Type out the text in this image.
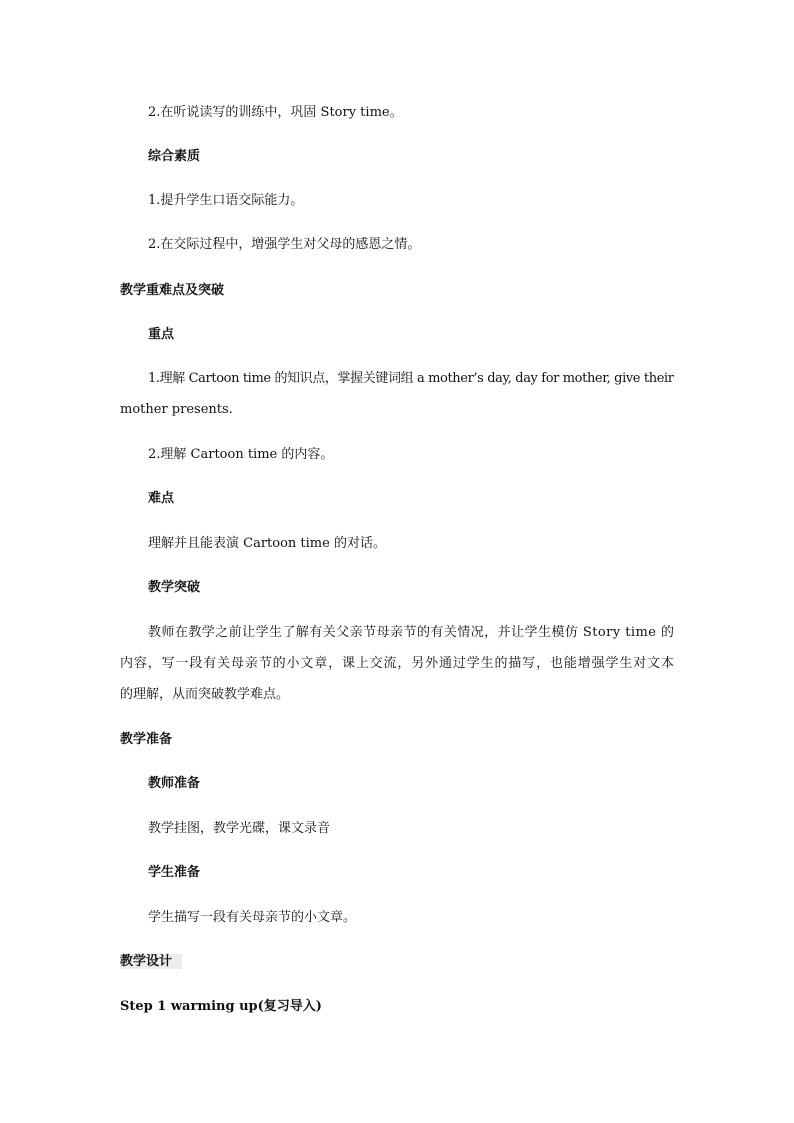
2.在听说读写的训练中，巩固 Story time。

综合素质

1.提升学生口语交际能力。

2.在交际过程中，增强学生对父母的感恩之情。

教学重难点及突破

重点

1.理解 Cartoon time 的知识点，掌握关键词组 a mother’s day, day for mother, give their

mother presents.

2.理解 Cartoon time 的内容。

难点

理解并且能表演 Cartoon time 的对话。

教学突破

教师在教学之前让学生了解有关父亲节母亲节的有关情况，并让学生模仿 Story time 的

内容，写一段有关母亲节的小文章，课上交流，另外通过学生的描写，也能增强学生对文本

的理解，从而突破教学难点。

教学准备

教师准备

教学挂图，教学光碟，课文录音

学生准备

学生描写一段有关母亲节的小文章。

教学设计

Step 1 warming up(复习导入)
